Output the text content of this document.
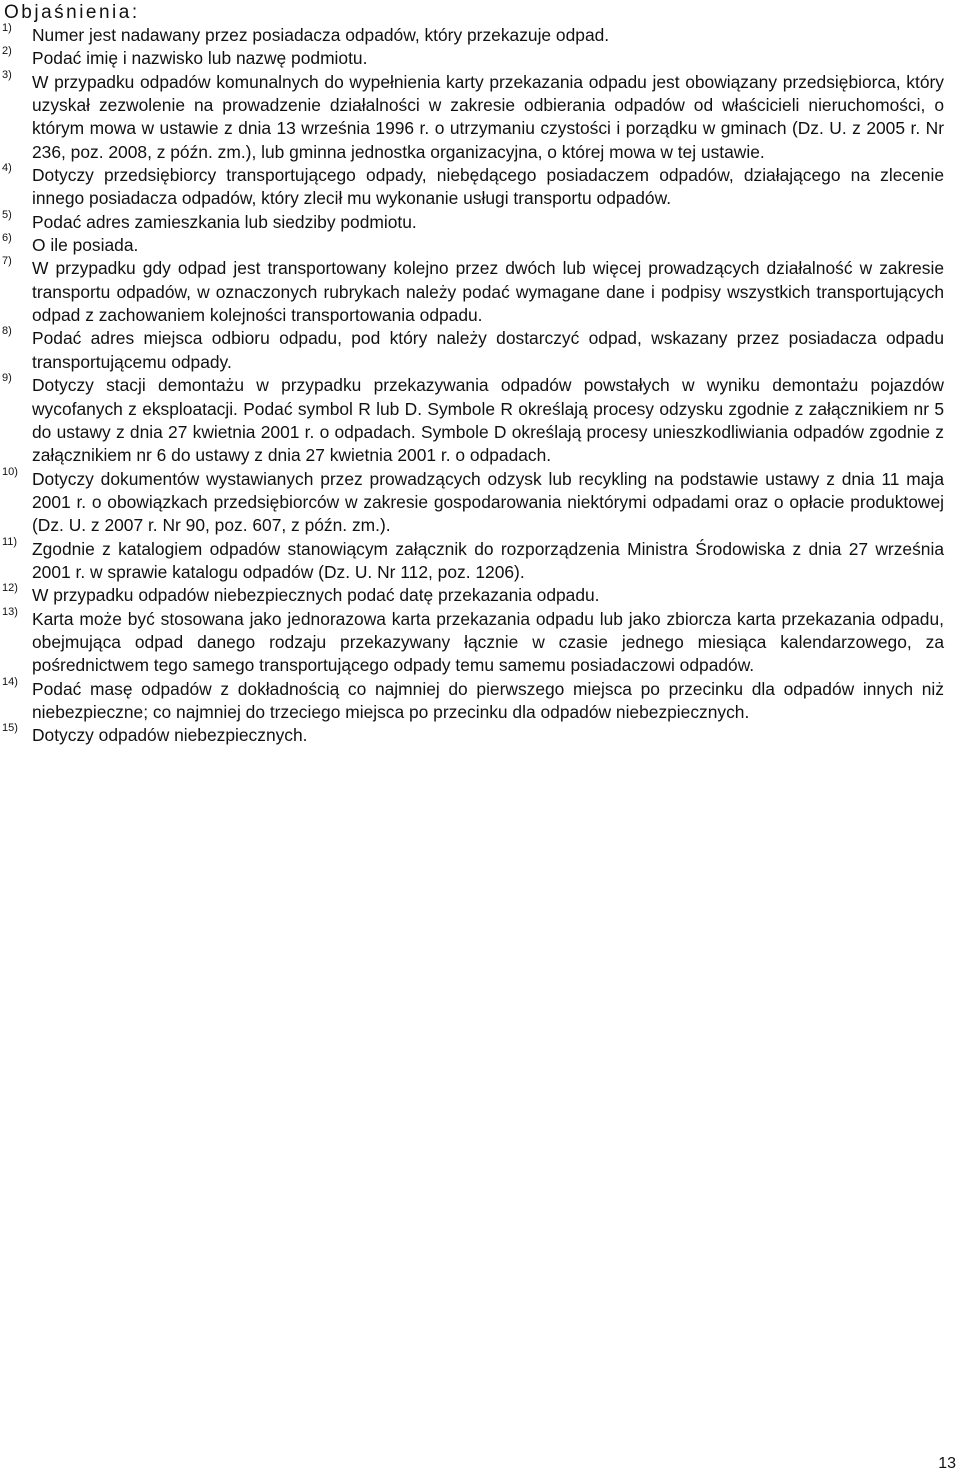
Objaśnienia:
1) Numer jest nadawany przez posiadacza odpadów, który przekazuje odpad.
2) Podać imię i nazwisko lub nazwę podmiotu.
3) W przypadku odpadów komunalnych do wypełnienia karty przekazania odpadu jest obowiązany przedsiębiorca, który uzyskał zezwolenie na prowadzenie działalności w zakresie odbierania odpadów od właścicieli nieruchomości, o którym mowa w ustawie z dnia 13 września 1996 r. o utrzymaniu czystości i porządku w gminach (Dz. U. z 2005 r. Nr 236, poz. 2008, z późn. zm.), lub gminna jednostka organizacyjna, o której mowa w tej ustawie.
4) Dotyczy przedsiębiorcy transportującego odpady, niebędącego posiadaczem odpadów, działającego na zlecenie innego posiadacza odpadów, który zlecił mu wykonanie usługi transportu odpadów.
5) Podać adres zamieszkania lub siedziby podmiotu.
6) O ile posiada.
7) W przypadku gdy odpad jest transportowany kolejno przez dwóch lub więcej prowadzących działalność w zakresie transportu odpadów, w oznaczonych rubrykach należy podać wymagane dane i podpisy wszystkich transportujących odpad z zachowaniem kolejności transportowania odpadu.
8) Podać adres miejsca odbioru odpadu, pod który należy dostarczyć odpad, wskazany przez posiadacza odpadu transportującemu odpady.
9) Dotyczy stacji demontażu w przypadku przekazywania odpadów powstałych w wyniku demontażu pojazdów wycofanych z eksploatacji. Podać symbol R lub D. Symbole R określają procesy odzysku zgodnie z załącznikiem nr 5 do ustawy z dnia 27 kwietnia 2001 r. o odpadach. Symbole D określają procesy unieszkodliwiania odpadów zgodnie z załącznikiem nr 6 do ustawy z dnia 27 kwietnia 2001 r. o odpadach.
10) Dotyczy dokumentów wystawianych przez prowadzących odzysk lub recykling na podstawie ustawy z dnia 11 maja 2001 r. o obowiązkach przedsiębiorców w zakresie gospodarowania niektórymi odpadami oraz o opłacie produktowej (Dz. U. z 2007 r. Nr 90, poz. 607, z późn. zm.).
11) Zgodnie z katalogiem odpadów stanowiącym załącznik do rozporządzenia Ministra Środowiska z dnia 27 września 2001 r. w sprawie katalogu odpadów (Dz. U. Nr 112, poz. 1206).
12) W przypadku odpadów niebezpiecznych podać datę przekazania odpadu.
13) Karta może być stosowana jako jednorazowa karta przekazania odpadu lub jako zbiorcza karta przekazania odpadu, obejmująca odpad danego rodzaju przekazywany łącznie w czasie jednego miesiąca kalendarzowego, za pośrednictwem tego samego transportującego odpady temu samemu posiadaczowi odpadów.
14) Podać masę odpadów z dokładnością co najmniej do pierwszego miejsca po przecinku dla odpadów innych niż niebezpieczne; co najmniej do trzeciego miejsca po przecinku dla odpadów niebezpiecznych.
15) Dotyczy odpadów niebezpiecznych.
13
